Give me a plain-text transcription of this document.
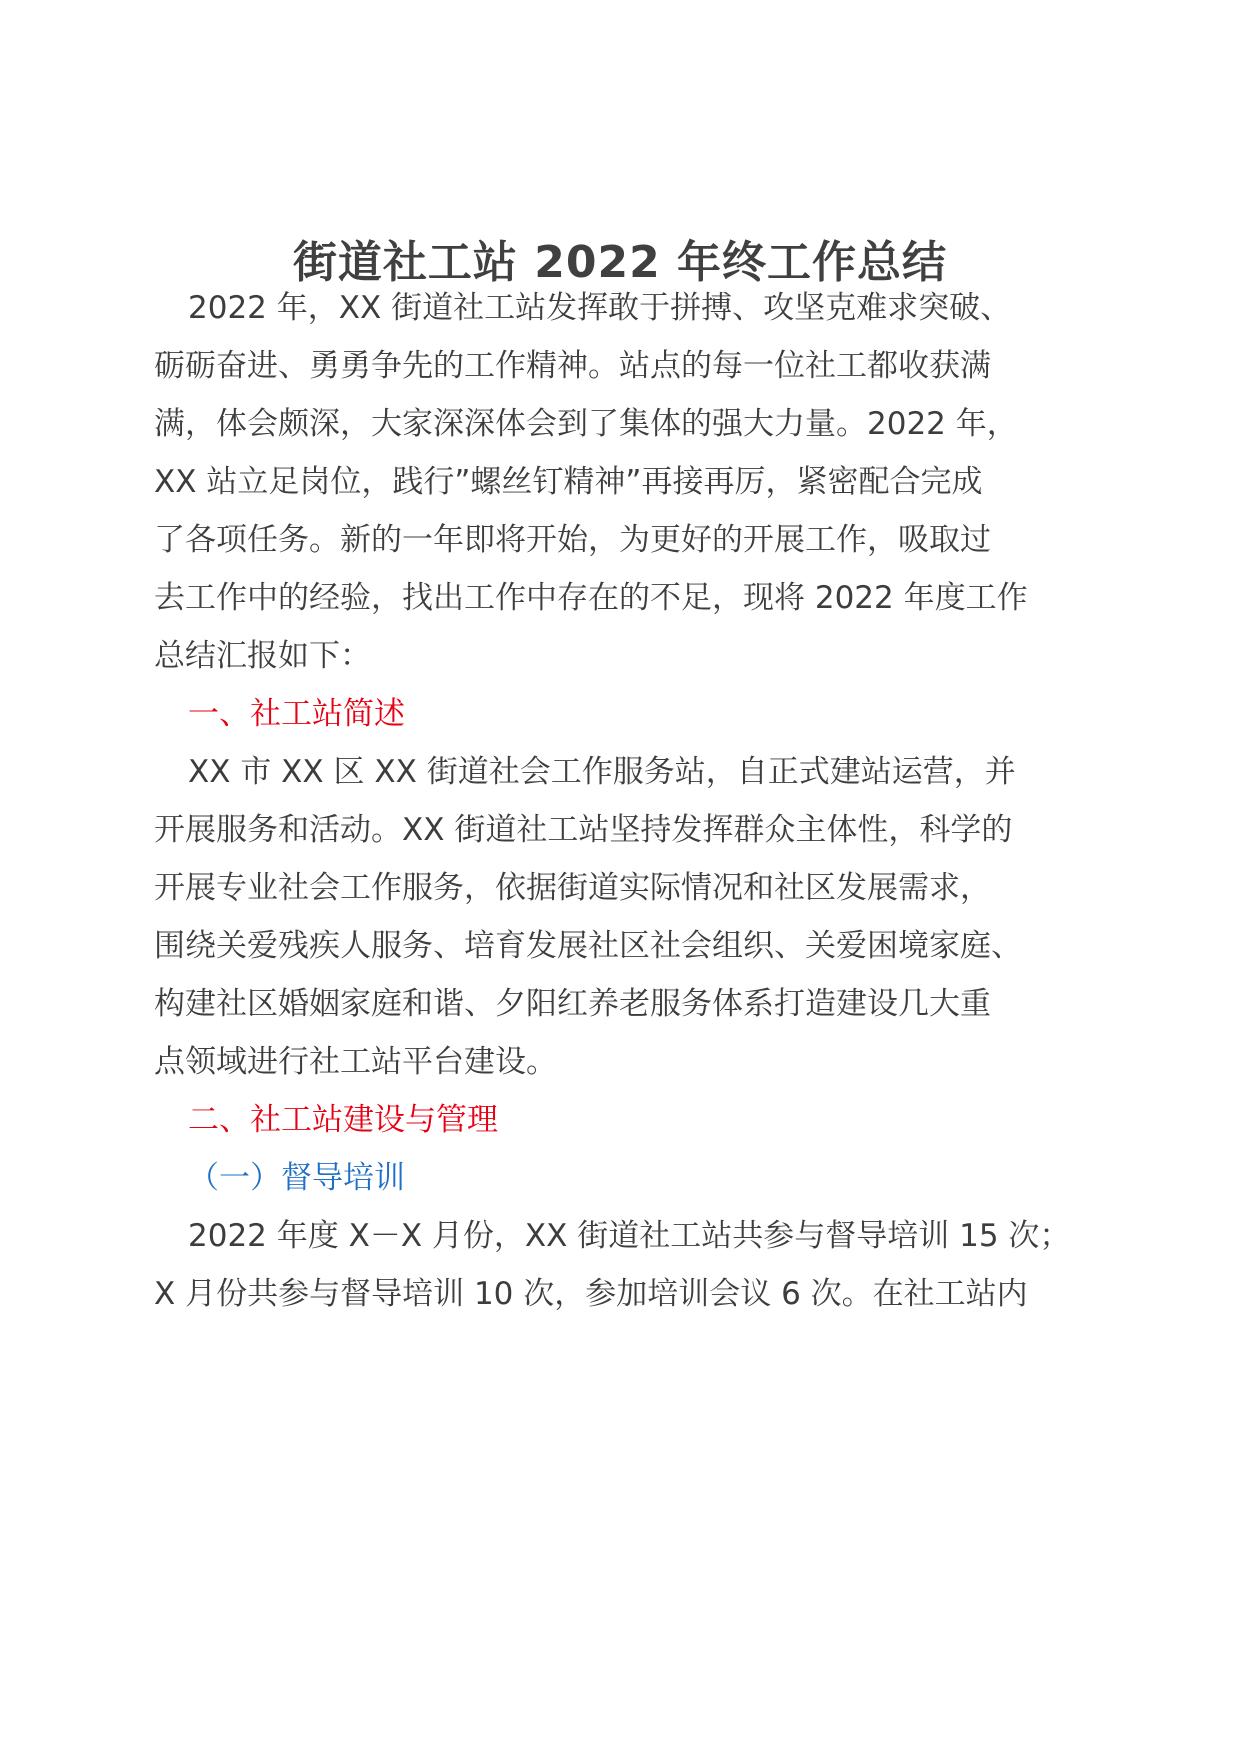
街道社工站 2022 年终工作总结
2022 年，XX 街道社工站发挥敢于拼搏、攻坚克难求突破、
砺砺奋进、勇勇争先的工作精神。站点的每一位社工都收获满
满，体会颇深，大家深深体会到了集体的强大力量。2022 年，
XX 站立足岗位，践行”螺丝钉精神”再接再厉，紧密配合完成
了各项任务。新的一年即将开始，为更好的开展工作，吸取过
去工作中的经验，找出工作中存在的不足，现将 2022 年度工作
总结汇报如下：
一、社工站简述
XX 市 XX 区 XX 街道社会工作服务站，自正式建站运营，并
开展服务和活动。XX 街道社工站坚持发挥群众主体性，科学的
开展专业社会工作服务，依据街道实际情况和社区发展需求，
围绕关爱残疾人服务、培育发展社区社会组织、关爱困境家庭、
构建社区婚姻家庭和谐、夕阳红养老服务体系打造建设几大重
点领域进行社工站平台建设。
二、社工站建设与管理
（一）督导培训
2022 年度 X－X 月份，XX 街道社工站共参与督导培训 15 次；
X 月份共参与督导培训 10 次，参加培训会议 6 次。在社工站内
